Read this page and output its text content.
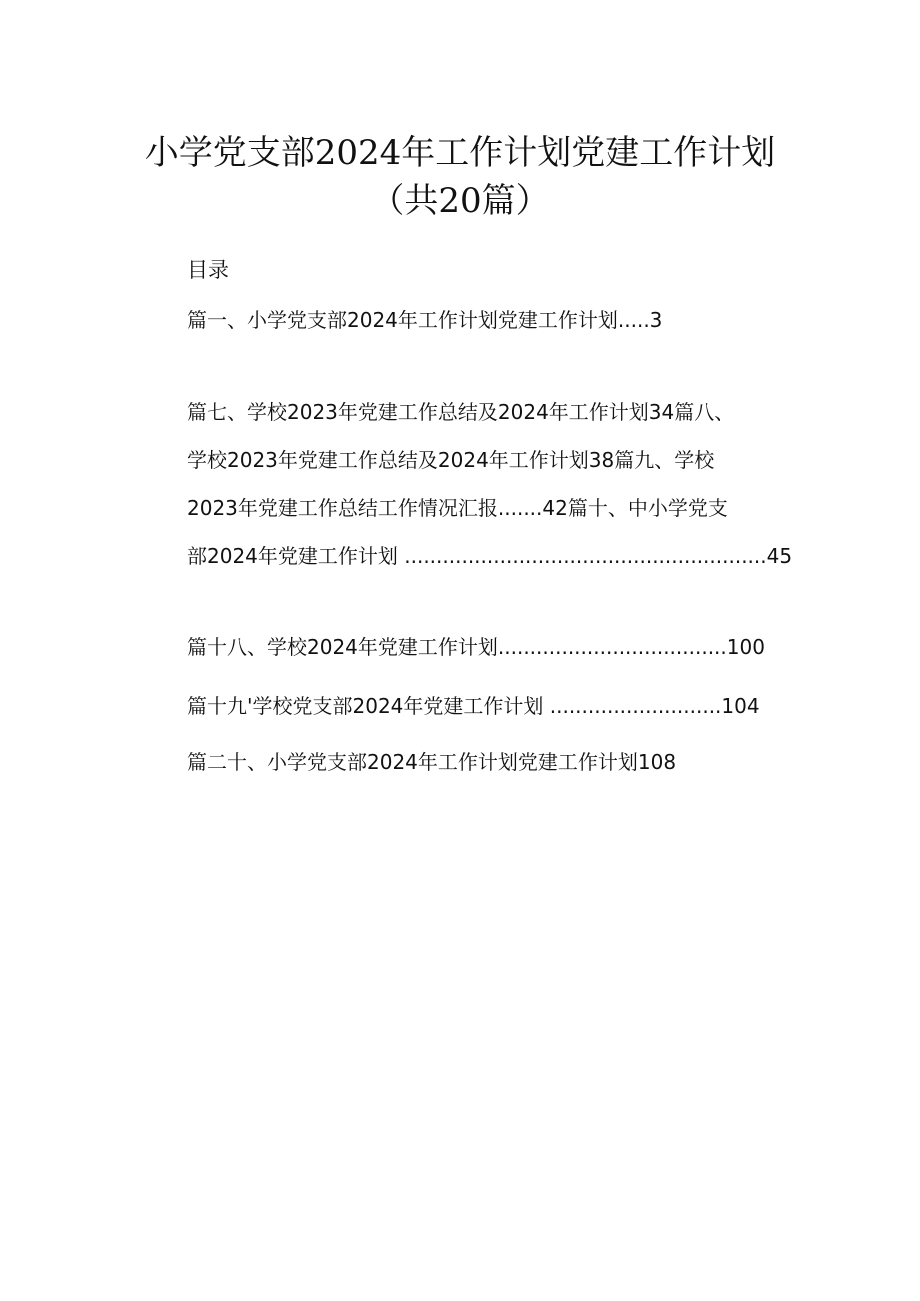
小学党支部2024年工作计划党建工作计划
（共20篇）
目录
篇一、小学党支部2024年工作计划党建工作计划.....3
篇七、学校2023年党建工作总结及2024年工作计划34篇八、
学校2023年党建工作总结及2024年工作计划38篇九、学校
2023年党建工作总结工作情况汇报.......42篇十、中小学党支
部2024年党建工作计划 .........................................................45
篇十八、学校2024年党建工作计划....................................100
篇十九'学校党支部2024年党建工作计划 ...........................104
篇二十、小学党支部2024年工作计划党建工作计划108
